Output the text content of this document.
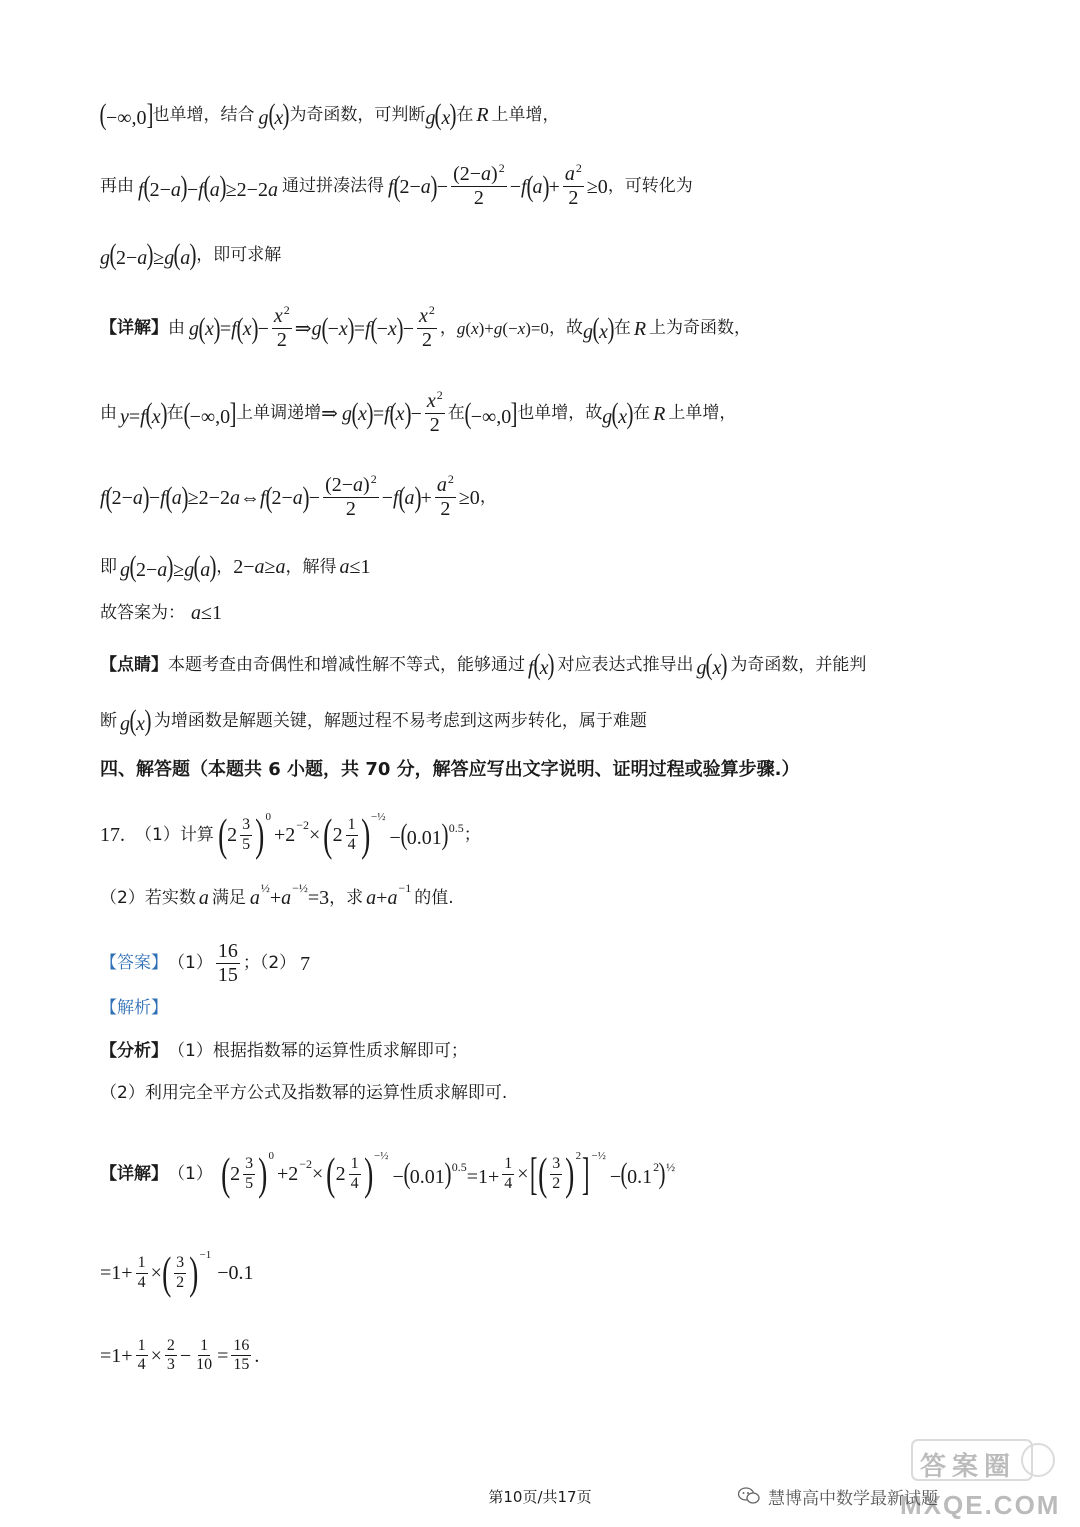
(−∞,0] 也单增，结合 g(x) 为奇函数，可判断 g(x) 在 R 上单增，
再由 f(2−a)−f(a)≥2−2a 通过拼凑法得 f ( 2− a ) − $\frac{(2-a)^2}{2} - f$ ( a ) + $\frac{a^2}{2} \ge 0$ ，可转化为
g(2−a)≥g(a) ，即可求解
【详解】 由 g ( x ) = f ( x ) − $\frac{x^2}{2}$ ⇒ g ( − x ) = f ( − x ) − $\frac{x^2}{2}$ ， g(x)+g(−x)=0 ，故 g(x) 在 R 上为奇函数，
由 y=f(x) 在 (−∞,0] 上单调递增 ⇒ g ( x ) = f ( x ) − $\frac{x^2}{2}$ 在 (−∞,0] 也单增，故 g(x) 在 R 上单增，
f ( 2− a ) − f ( a ) ≥2−2 a ⇔ f ( 2− a ) − $\frac{(2-a)^2}{2} - f$ ( a ) + $\frac{a^2}{2} \ge 0$ ，
即 g(2−a)≥g(a) ， 2−a≥a ，解得 a≤1
故答案为： a≤1
【点睛】 本题考查由奇偶性和增减性解不等式，能够通过 f(x) 对应表达式推导出 g(x) 为奇函数，并能判
断 g(x) 为增函数是解题关键，解题过程不易考虑到这两步转化，属于难题
四、解答题（本题共 6 小题，共 70 分，解答应写出文字说明、证明过程或验算步骤.）
17. （1）计算 ( $2 \frac{3}{5}$ ) 0
$+2^{-2}\times$ ( $2 \frac{1}{4}$ ) −½
$-(0.01)^{0.5}$ ；
（2）若实数 a 满足 $a^{\frac{1}{2}}+a^{-\frac{1}{2}}=3$ ，求 $a+a^{-1}$ 的值.
【答案】 $(1) \frac{16}{15}$ ；（2） 7
【解析】
【分析】 （1）根据指数幂的运算性质求解即可；
（2）利用完全平方公式及指数幂的运算性质求解即可.
【详解】 （1） ( $2 \frac{3}{5}$ ) 0
$+2^{-2}\times$ ( $2 \frac{1}{4}$ ) −½
$-(0.01)^{0.5}=1+ \frac{1}{4}$ × [ ( $\frac{3}{2}$ ) 2 ] −½
$-(0.1^2)^{\frac{1}{2}}$
$=1+ \frac{1}{4}$ × ( $\frac{3}{2}$ ) −1
−0.1
$=1+ \frac{1}{4} \times \frac{2}{3} - \frac{1}{10} = \frac{16}{15}$ .
答案圈
MXQE.COM
慧博高中数学最新试题
第10页/共17页
